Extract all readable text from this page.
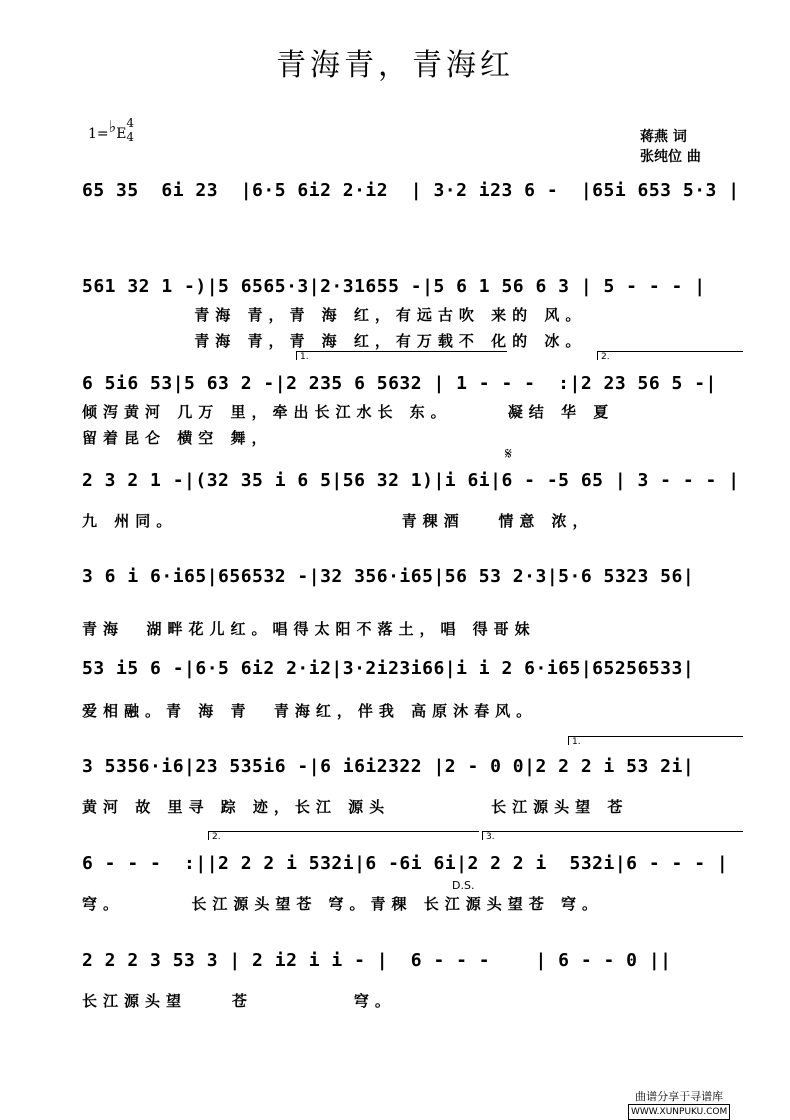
青海青，青海红
1=♭E
4
4	蒋燕 词
张纯位 曲
65 35  6i 23  |6·5 6i2 2·i2  | 3·2 i23 6 -  |65i 653 5·3 |
561 32 1 -)|5 6565·3|2·31655 -|5 6 1 56 6 3 | 5 - - - |
青海 青，青 海 红，有远古吹 来的 风。
青海 青，青 海 红，有万载不 化的 冰。
1.	2.
6 5i6 53|5 63 2 -|2 235 6 5632 | 1 - - -  :|2 23 56 5 -|
倾泻黄河 几万 里，牵出长江水长 东。     凝结 华 夏
留着昆仑 横空 舞，
𝄋
2 3 2 1 -|(32 35 i 6 5|56 32 1)|i 6i|6 - -5 65 | 3 - - - |
九 州同。                    青稞酒   情意 浓，
3 6 i 6·i65|656532 -|32 356·i65|56 53 2·3|5·6 5323 56|
青海  湖畔花儿红。唱得太阳不落土，唱 得哥妹
53 i5 6 -|6·5 6i2 2·i2|3·2i23i66|i i 2 6·i65|65256533|
爱相融。青 海 青  青海红，伴我 高原沐春风。
1.
3 5356·i6|23 535i6 -|6 i6i2322 |2 - 0 0|2 2 2 i 53 2i|
黄河 故 里寻 踪 迹，长江 源头         长江源头望 苍
2.	3.
6 - - -  :||2 2 2 i 532i|6 -6i 6i|2 2 2 i  532i|6 - - - |
D.S.
穹。      长江源头望苍 穹。青稞 长江源头望苍 穹。
2 2 2 3 53 3 | 2 i2 i i - |  6 - - -    | 6 - - 0 ||
长江源头望    苍         穹。
曲谱分享于寻谱库
WWW.XUNPUKU.COM
